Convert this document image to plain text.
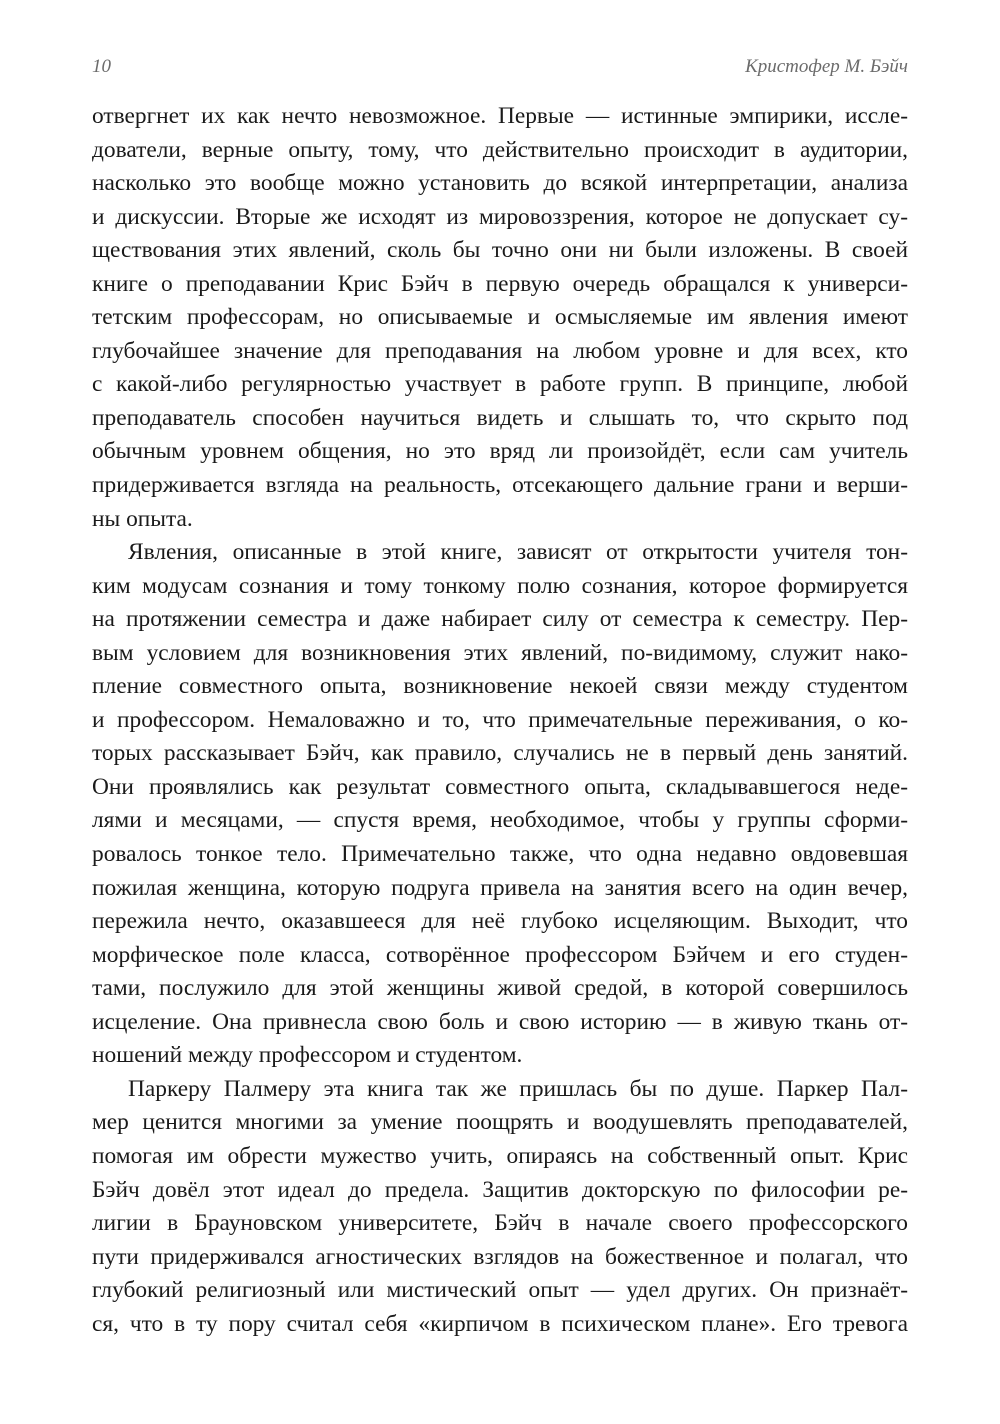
10	Кристофер М. Бэйч
отвергнет их как нечто невозможное. Первые — истинные эмпирики, иссле-
дователи, верные опыту, тому, что действительно происходит в аудитории,
насколько это вообще можно установить до всякой интерпретации, анализа
и дискуссии. Вторые же исходят из мировоззрения, которое не допускает су-
ществования этих явлений, сколь бы точно они ни были изложены. В своей
книге о преподавании Крис Бэйч в первую очередь обращался к универси-
тетским профессорам, но описываемые и осмысляемые им явления имеют
глубочайшее значение для преподавания на любом уровне и для всех, кто
с какой-либо регулярностью участвует в работе групп. В принципе, любой
преподаватель способен научиться видеть и слышать то, что скрыто под
обычным уровнем общения, но это вряд ли произойдёт, если сам учитель
придерживается взгляда на реальность, отсекающего дальние грани и верши-
ны опыта.
Явления, описанные в этой книге, зависят от открытости учителя тон-
ким модусам сознания и тому тонкому полю сознания, которое формируется
на протяжении семестра и даже набирает силу от семестра к семестру. Пер-
вым условием для возникновения этих явлений, по-видимому, служит нако-
пление совместного опыта, возникновение некоей связи между студентом
и профессором. Немаловажно и то, что примечательные переживания, о ко-
торых рассказывает Бэйч, как правило, случались не в первый день занятий.
Они проявлялись как результат совместного опыта, складывавшегося неде-
лями и месяцами, — спустя время, необходимое, чтобы у группы сформи-
ровалось тонкое тело. Примечательно также, что одна недавно овдовевшая
пожилая женщина, которую подруга привела на занятия всего на один вечер,
пережила нечто, оказавшееся для неё глубоко исцеляющим. Выходит, что
морфическое поле класса, сотворённое профессором Бэйчем и его студен-
тами, послужило для этой женщины живой средой, в которой совершилось
исцеление. Она привнесла свою боль и свою историю — в живую ткань от-
ношений между профессором и студентом.
Паркеру Палмеру эта книга так же пришлась бы по душе. Паркер Пал-
мер ценится многими за умение поощрять и воодушевлять преподавателей,
помогая им обрести мужество учить, опираясь на собственный опыт. Крис
Бэйч довёл этот идеал до предела. Защитив докторскую по философии ре-
лигии в Брауновском университете, Бэйч в начале своего профессорского
пути придерживался агностических взглядов на божественное и полагал, что
глубокий религиозный или мистический опыт — удел других. Он признаёт-
ся, что в ту пору считал себя «кирпичом в психическом плане». Его тревога
